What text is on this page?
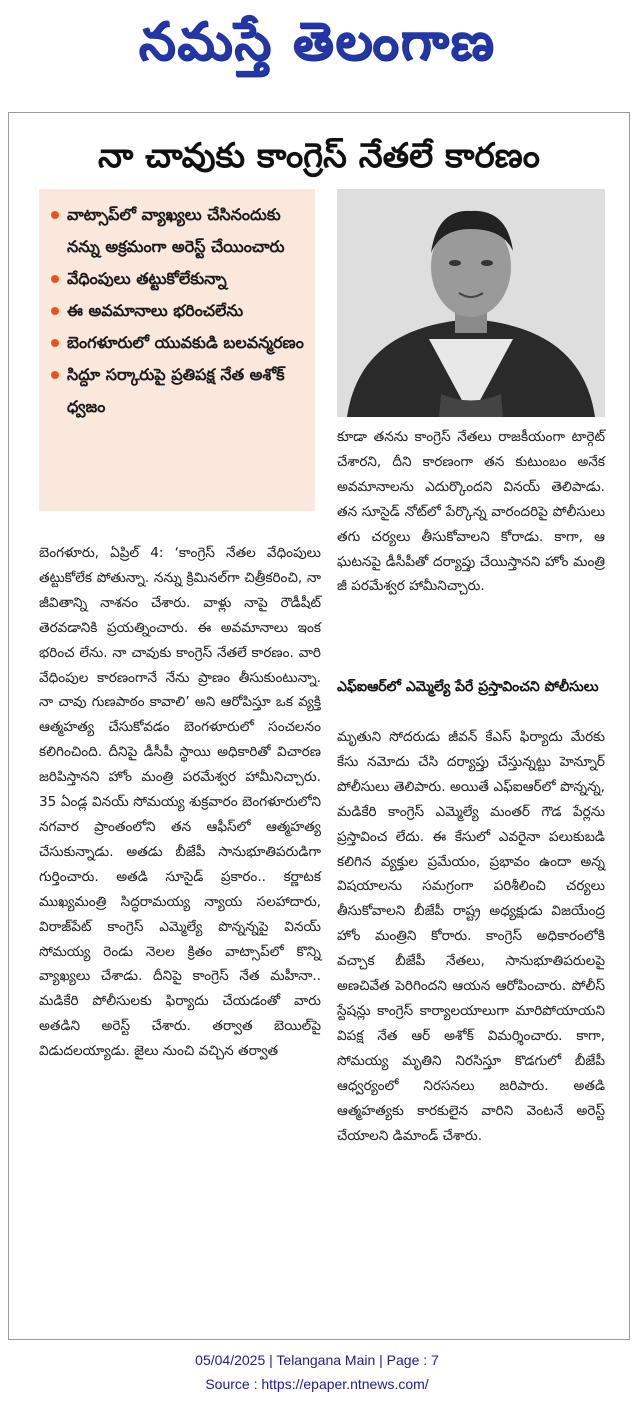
నమస్తే తెలంగాణ
నా చావుకు కాంగ్రెస్ నేతలే కారణం
వాట్సాప్‌లో వ్యాఖ్యలు చేసినందుకు నన్ను అక్రమంగా అరెస్ట్ చేయించారు
వేధింపులు తట్టుకోలేకున్నా
ఈ అవమానాలు భరించలేను
బెంగళూరులో యువకుడి బలవన్మరణం
సిద్దూ సర్కారుపై ప్రతిపక్ష నేత అశోక్ ధ్వజం

బెంగళూరు, ఏప్రిల్ 4: ‘కాంగ్రెస్ నేతల వేధింపులు తట్టుకోలేక పోతున్నా. నన్ను క్రిమినల్‌గా చిత్రీకరించి, నా జీవితాన్ని నాశనం చేశారు. వాళ్లు నాపై రౌడీషీట్ తెరవడానికి ప్రయత్నించారు. ఈ అవమానాలు ఇంక భరించ లేను. నా చావుకు కాంగ్రెస్ నేతలే కారణం. వారి వేధింపుల కారణంగానే నేను ప్రాణం తీసుకుంటున్నా. నా చావు గుణపాఠం కావాలి’ అని ఆరోపిస్తూ ఒక వ్యక్తి ఆత్మహత్య చేసుకోవడం బెంగళూరులో సంచలనం కలిగించింది. దీనిపై డీసీపీ స్థాయి అధికారితో విచారణ జరిపిస్తానని హోం మంత్రి పరమేశ్వర హామీనిచ్చారు. 35 ఏండ్ల వినయ్ సోమయ్య శుక్రవారం బెంగళూరులోని నగవార ప్రాంతంలోని తన ఆఫీస్‌లో ఆత్మహత్య చేసుకున్నాడు. అతడు బీజేపీ సానుభూతిపరుడిగా గుర్తించారు. అతడి సూసైడ్ ప్రకారం.. కర్ణాటక ముఖ్యమంత్రి సిద్ధరామయ్య న్యాయ సలహాదారు, విరాజ్‌పేట్ కాంగ్రెస్ ఎమ్మెల్యే పొన్నన్నపై వినయ్ సోమయ్య రెండు నెలల క్రితం వాట్సాప్‌లో కొన్ని వ్యాఖ్యలు చేశాడు. దీనిపై కాంగ్రెస్ నేత మహీనా.. మడికేరి పోలీసులకు ఫిర్యాదు చేయడంతో వారు అతడిని అరెస్ట్ చేశారు. తర్వాత బెయిల్‌పై విడుదలయ్యాడు. జైలు నుంచి వచ్చిన తర్వాత

కూడా తనను కాంగ్రెస్ నేతలు రాజకీయంగా టార్గెట్ చేశారని, దీని కారణంగా తన కుటుంబం అనేక అవమానాలను ఎదుర్కొందని వినయ్ తెలిపాడు. తన సూసైడ్ నోట్‌లో పేర్కొన్న వారందరిపై పోలీసులు తగు చర్యలు తీసుకోవాలని కోరాడు. కాగా, ఆ ఘటనపై డీసీపీతో దర్యాప్తు చేయిస్తానని హోం మంత్రి జీ పరమేశ్వర హామీనిచ్చారు.

ఎఫ్ఐఆర్‌లో ఎమ్మెల్యే పేరే ప్రస్తావించని పోలీసులు

మృతుని సోదరుడు జీవన్ కేఎస్ ఫిర్యాదు మేరకు కేసు నమోదు చేసి దర్యాప్తు చేస్తున్నట్టు హెన్నూర్ పోలీసులు తెలిపారు. అయితే ఎఫ్ఐఆర్‌లో పొన్నన్న, మడికేరి కాంగ్రెస్ ఎమ్మెల్యే మంతర్ గౌడ పేర్లను ప్రస్తావించ లేదు. ఈ కేసులో ఎవరైనా పలుకుబడి కలిగిన వ్యక్తుల ప్రమేయం, ప్రభావం ఉందా అన్న విషయాలను సమగ్రంగా పరిశీలించి చర్యలు తీసుకోవాలని బీజేపీ రాష్ట్ర అధ్యక్షుడు విజయేంద్ర హోం మంత్రిని కోరారు. కాంగ్రెస్ అధికారంలోకి వచ్చాక బీజేపీ నేతలు, సానుభూతిపరులపై అణచివేత పెరిగిందని ఆయన ఆరోపించారు. పోలీస్ స్టేషన్లు కాంగ్రెస్ కార్యాలయాలుగా మారిపోయాయని విపక్ష నేత ఆర్ అశోక్ విమర్శించారు. కాగా, సోమయ్య మృతిని నిరసిస్తూ కొడగులో బీజేపీ ఆధ్వర్యంలో నిరసనలు జరిపారు. అతడి ఆత్మహత్యకు కారకులైన వారిని వెంటనే అరెస్ట్ చేయాలని డిమాండ్ చేశారు.

05/04/2025 | Telangana Main | Page : 7
Source : https://epaper.ntnews.com/
